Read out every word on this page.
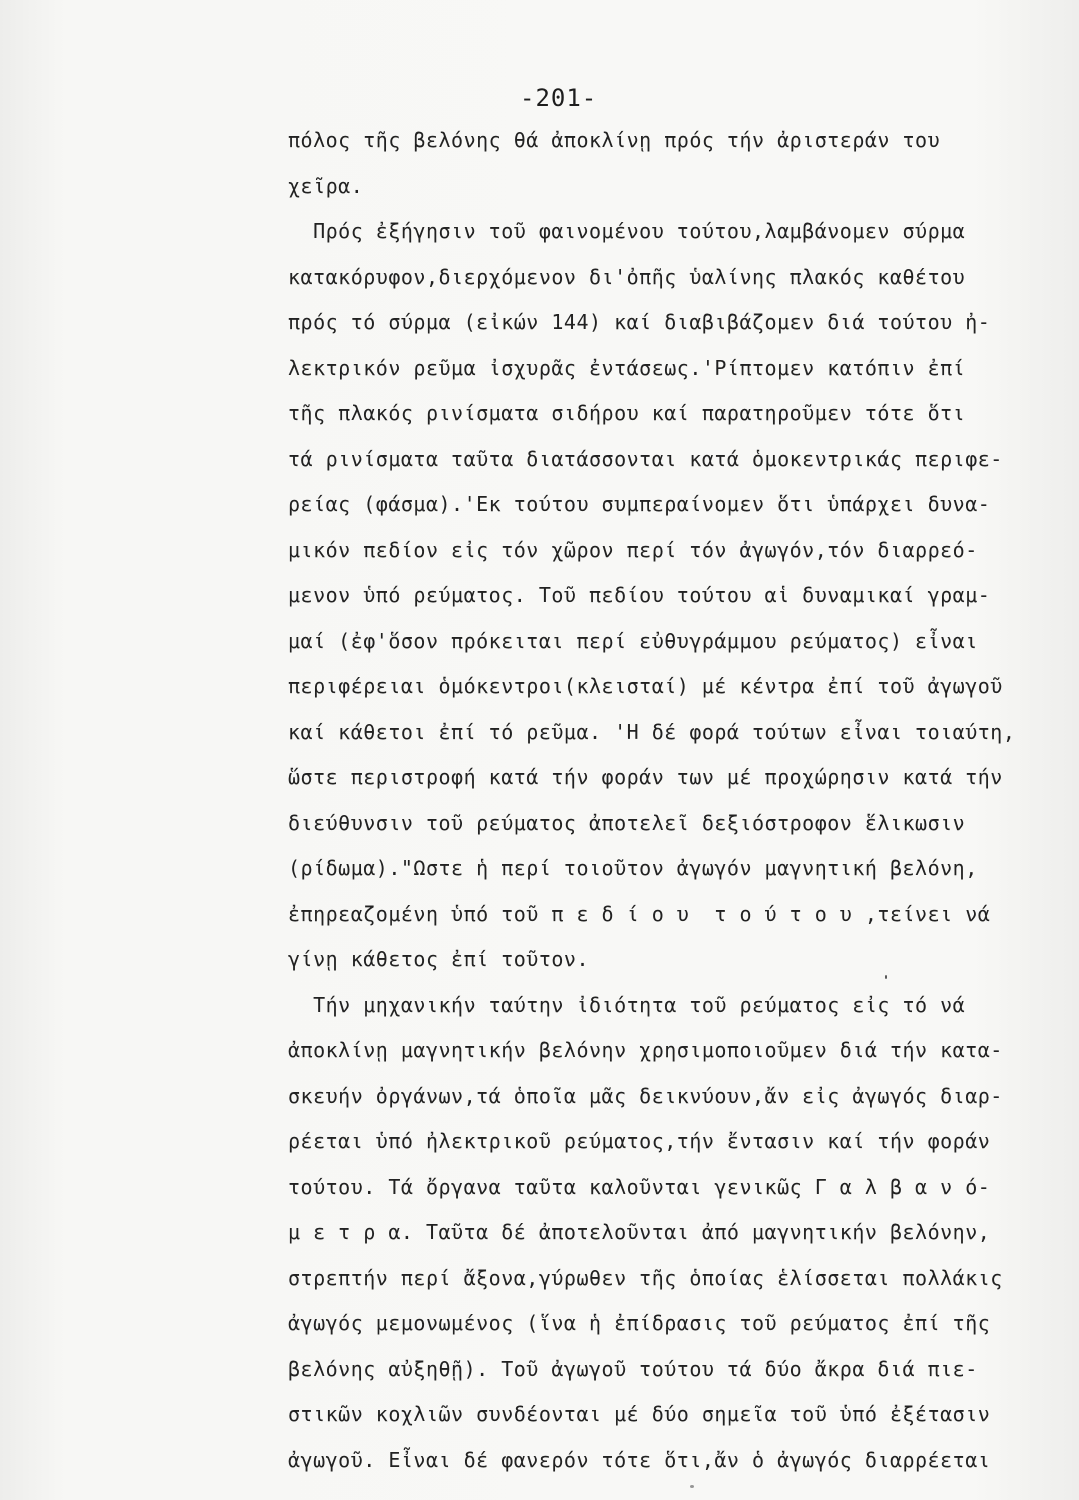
-201-
πόλος τῆς βελόνης θά ἀποκλίνῃ πρός τήν ἀριστεράν του
χεῖρα.
Πρός ἐξήγησιν τοῦ φαινομένου τούτου,λαμβάνομεν σύρμα
κατακόρυφον,διερχόμενον δι'ὀπῆς ὑαλίνης πλακός καθέτου
πρός τό σύρμα (εἰκών 144) καί διαβιβάζομεν διά τούτου ἠ-
λεκτρικόν ρεῦμα ἰσχυρᾶς ἐντάσεως.'Ρίπτομεν κατόπιν ἐπί
τῆς πλακός ρινίσματα σιδήρου καί παρατηροῦμεν τότε ὅτι
τά ρινίσματα ταῦτα διατάσσονται κατά ὁμοκεντρικάς περιφε-
ρείας (φάσμα).'Εκ τούτου συμπεραίνομεν ὅτι ὑπάρχει δυνα-
μικόν πεδίον εἰς τόν χῶρον περί τόν ἀγωγόν,τόν διαρρεό-
μενον ὑπό ρεύματος. Τοῦ πεδίου τούτου αἱ δυναμικαί γραμ-
μαί (ἐφ'ὅσον πρόκειται περί εὐθυγράμμου ρεύματος) εἶναι
περιφέρειαι ὁμόκεντροι(κλεισταί) μέ κέντρα ἐπί τοῦ ἀγωγοῦ
καί κάθετοι ἐπί τό ρεῦμα. 'Η δέ φορά τούτων εἶναι τοιαύτη,
ὥστε περιστροφή κατά τήν φοράν των μέ προχώρησιν κατά τήν
διεύθυνσιν τοῦ ρεύματος ἀποτελεῖ δεξιόστροφον ἕλικωσιν
(ρίδωμα)."Ωστε ἡ περί τοιοῦτον ἀγωγόν μαγνητική βελόνη,
ἐπηρεαζομένη ὑπό τοῦ π ε δ ί ο υ  τ ο ύ τ ο υ ,τείνει νά
γίνῃ κάθετος ἐπί τοῦτον.
Τήν μηχανικήν ταύτην ἰδιότητα τοῦ ρεύματος εἰς τό νά
ἀποκλίνῃ μαγνητικήν βελόνην χρησιμοποιοῦμεν διά τήν κατα-
σκευήν ὀργάνων,τά ὁποῖα μᾶς δεικνύουν,ἄν εἰς ἀγωγός διαρ-
ρέεται ὑπό ἠλεκτρικοῦ ρεύματος,τήν ἔντασιν καί τήν φοράν
τούτου. Τά ὄργανα ταῦτα καλοῦνται γενικῶς Γ α λ β α ν ό-
μ ε τ ρ α. Ταῦτα δέ ἀποτελοῦνται ἀπό μαγνητικήν βελόνην,
στρεπτήν περί ἄξονα,γύρωθεν τῆς ὁποίας ἑλίσσεται πολλάκις
ἀγωγός μεμονωμένος (ἵνα ἡ ἐπίδρασις τοῦ ρεύματος ἐπί τῆς
βελόνης αὐξηθῇ). Τοῦ ἀγωγοῦ τούτου τά δύο ἄκρα διά πιε-
στικῶν κοχλιῶν συνδέονται μέ δύο σημεῖα τοῦ ὑπό ἐξέτασιν
ἀγωγοῦ. Εἶναι δέ φανερόν τότε ὅτι,ἄν ὁ ἀγωγός διαρρέεται
